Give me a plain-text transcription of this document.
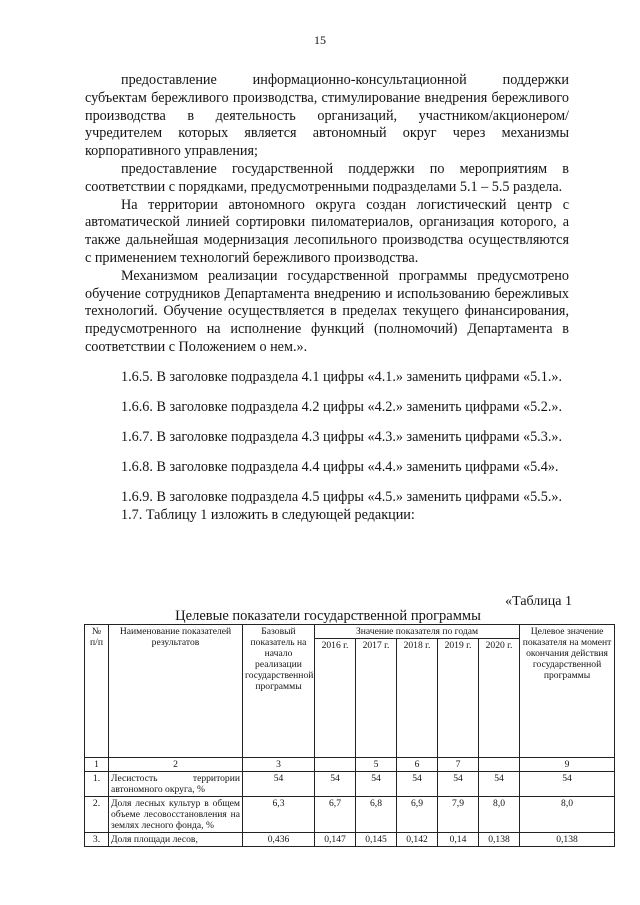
15

предоставление информационно-консультационной поддержки субъектам бережливого производства, стимулирование внедрения бережливого производства в деятельность организаций, участником/акционером/учредителем которых является автономный округ через механизмы корпоративного управления;

предоставление государственной поддержки по мероприятиям в соответствии с порядками, предусмотренными подразделами 5.1 – 5.5 раздела.

На территории автономного округа создан логистический центр с автоматической линией сортировки пиломатериалов, организация которого, а также дальнейшая модернизация лесопильного производства осуществляются с применением технологий бережливого производства.

Механизмом реализации государственной программы предусмотрено обучение сотрудников Департамента внедрению и использованию бережливых технологий. Обучение осуществляется в пределах текущего финансирования, предусмотренного на исполнение функций (полномочий) Департамента в соответствии с Положением о нем.».

1.6.5. В заголовке подраздела 4.1 цифры «4.1.» заменить цифрами «5.1.».

1.6.6. В заголовке подраздела 4.2 цифры «4.2.» заменить цифрами «5.2.».

1.6.7. В заголовке подраздела 4.3 цифры «4.3.» заменить цифрами «5.3.».

1.6.8. В заголовке подраздела 4.4 цифры «4.4.» заменить цифрами «5.4».

1.6.9. В заголовке подраздела 4.5 цифры «4.5.» заменить цифрами «5.5.».

1.7. Таблицу 1 изложить в следующей редакции:

«Таблица 1
Целевые показатели государственной программы
№ п/п	Наименование показателей результатов	Базовый показатель на начало реализации государственной программы	Значение показателя по годам					Целевое значение показателя на момент окончания действия государственной программы
			2016 г.	2017 г.	2018 г.	2019 г.	2020 г.	
1	2	3		5	6	7		9
1.	Лесистость территории автономного округа, %	54	54	54	54	54	54	54
2.	Доля лесных культур в общем объеме лесовосстановления на землях лесного фонда, %	6,3	6,7	6,8	6,9	7,9	8,0	8,0
3.	Доля площади лесов,	0,436	0,147	0,145	0,142	0,14	0,138	0,138
